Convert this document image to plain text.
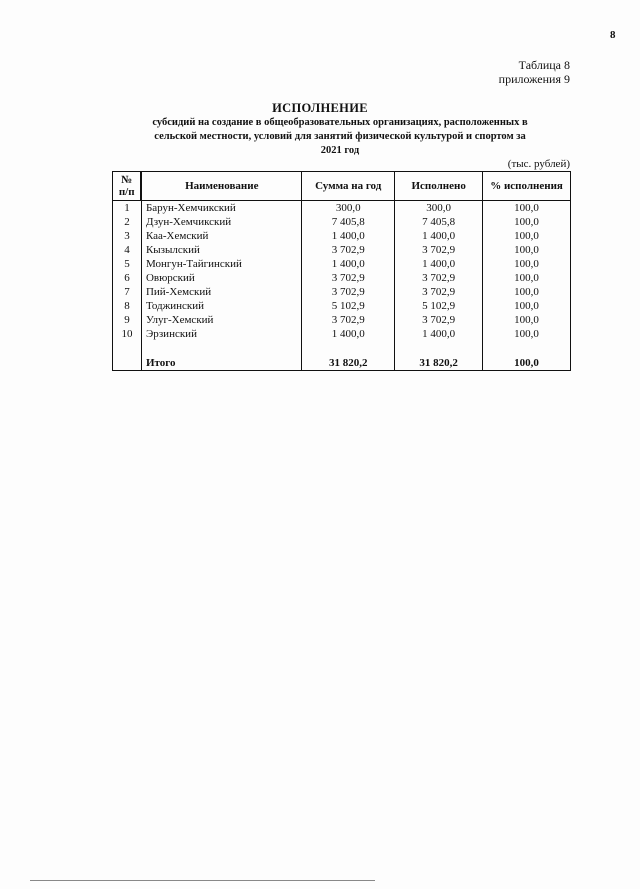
8
Таблица 8
приложения 9
ИСПОЛНЕНИЕ
субсидий на создание в общеобразовательных организациях, расположенных в сельской местности, условий для занятий физической культурой и спортом за 2021 год
(тыс. рублей)
№ п/п	Наименование	Сумма на год	Исполнено	% исполнения
1	Барун-Хемчикский	300,0	300,0	100,0
2	Дзун-Хемчикский	7 405,8	7 405,8	100,0
3	Каа-Хемский	1 400,0	1 400,0	100,0
4	Кызылский	3 702,9	3 702,9	100,0
5	Монгун-Тайгинский	1 400,0	1 400,0	100,0
6	Овюрский	3 702,9	3 702,9	100,0
7	Пий-Хемский	3 702,9	3 702,9	100,0
8	Тоджинский	5 102,9	5 102,9	100,0
9	Улуг-Хемский	3 702,9	3 702,9	100,0
10	Эрзинский	1 400,0	1 400,0	100,0

	Итого	31 820,2	31 820,2	100,0
